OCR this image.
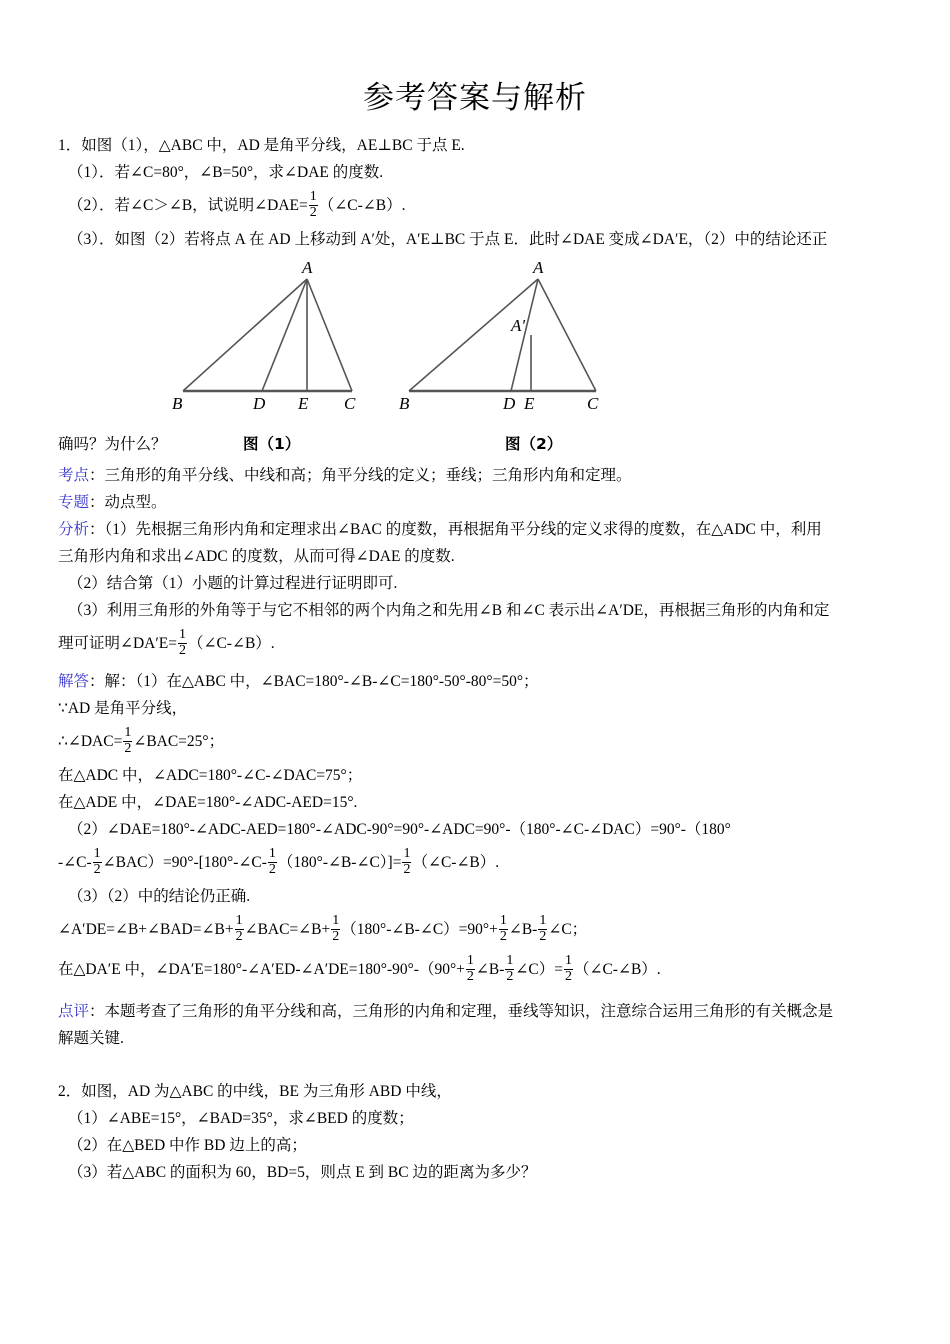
参考答案与解析

1．如图（1），△ABC 中，AD 是角平分线，AE⊥BC 于点 E.

（1）．若∠C=80°，∠B=50°，求∠DAE 的度数.

（2）．若∠C＞∠B，试说明∠DAE= $\frac{1}{2}$ （∠C‑∠B）.

（3）．如图（2）若将点 A 在 AD 上移动到 A′处，A′E⊥BC 于点 E．此时∠DAE 变成∠DA′E，（2）中的结论还正

A
B	D E C
A
A'
B	D E	C
确吗？为什么？	图（1）	图（2）

考点：三角形的角平分线、中线和高；角平分线的定义；垂线；三角形内角和定理。

专题：动点型。

分析：（1）先根据三角形内角和定理求出∠BAC 的度数，再根据角平分线的定义求得的度数，在△ADC 中，利用

三角形内角和求出∠ADC 的度数，从而可得∠DAE 的度数.

（2）结合第（1）小题的计算过程进行证明即可.

（3）利用三角形的外角等于与它不相邻的两个内角之和先用∠B 和∠C 表示出∠A′DE，再根据三角形的内角和定

理可证明∠DA′E= $\frac{1}{2}$ （∠C‑∠B）.

解答：解：（1）在△ABC 中，∠BAC=180°‑∠B‑∠C=180°‑50°‑80°=50°；

∵AD 是角平分线，

∴∠DAC= $\frac{1}{2}$ ∠BAC=25°；

在△ADC 中，∠ADC=180°‑∠C‑∠DAC=75°；

在△ADE 中，∠DAE=180°‑∠ADC‑AED=15°.

（2）∠DAE=180°‑∠ADC‑AED=180°‑∠ADC‑90°=90°‑∠ADC=90°‑（180°‑∠C‑∠DAC）=90°‑（180°

‑∠C‑ $\frac{1}{2}$ ∠BAC）=90°‑[180°‑∠C‑ $\frac{1}{2}$ （180°‑∠B‑∠C）]= $\frac{1}{2}$ （∠C‑∠B）.

（3）（2）中的结论仍正确.

∠A′DE=∠B+∠BAD=∠B+ $\frac{1}{2}$ ∠BAC=∠B+ $\frac{1}{2}$ （180°‑∠B‑∠C）=90°+ $\frac{1}{2}$ ∠B‑ $\frac{1}{2}$ ∠C；

在△DA′E 中，∠DA′E=180°‑∠A′ED‑∠A′DE=180°‑90°‑（90°+ $\frac{1}{2}$ ∠B‑ $\frac{1}{2}$ ∠C）= $\frac{1}{2}$ （∠C‑∠B）.

点评：本题考查了三角形的角平分线和高，三角形的内角和定理，垂线等知识，注意综合运用三角形的有关概念是

解题关键.

2．如图，AD 为△ABC 的中线，BE 为三角形 ABD 中线，

（1）∠ABE=15°，∠BAD=35°，求∠BED 的度数；

（2）在△BED 中作 BD 边上的高；

（3）若△ABC 的面积为 60，BD=5，则点 E 到 BC 边的距离为多少？
